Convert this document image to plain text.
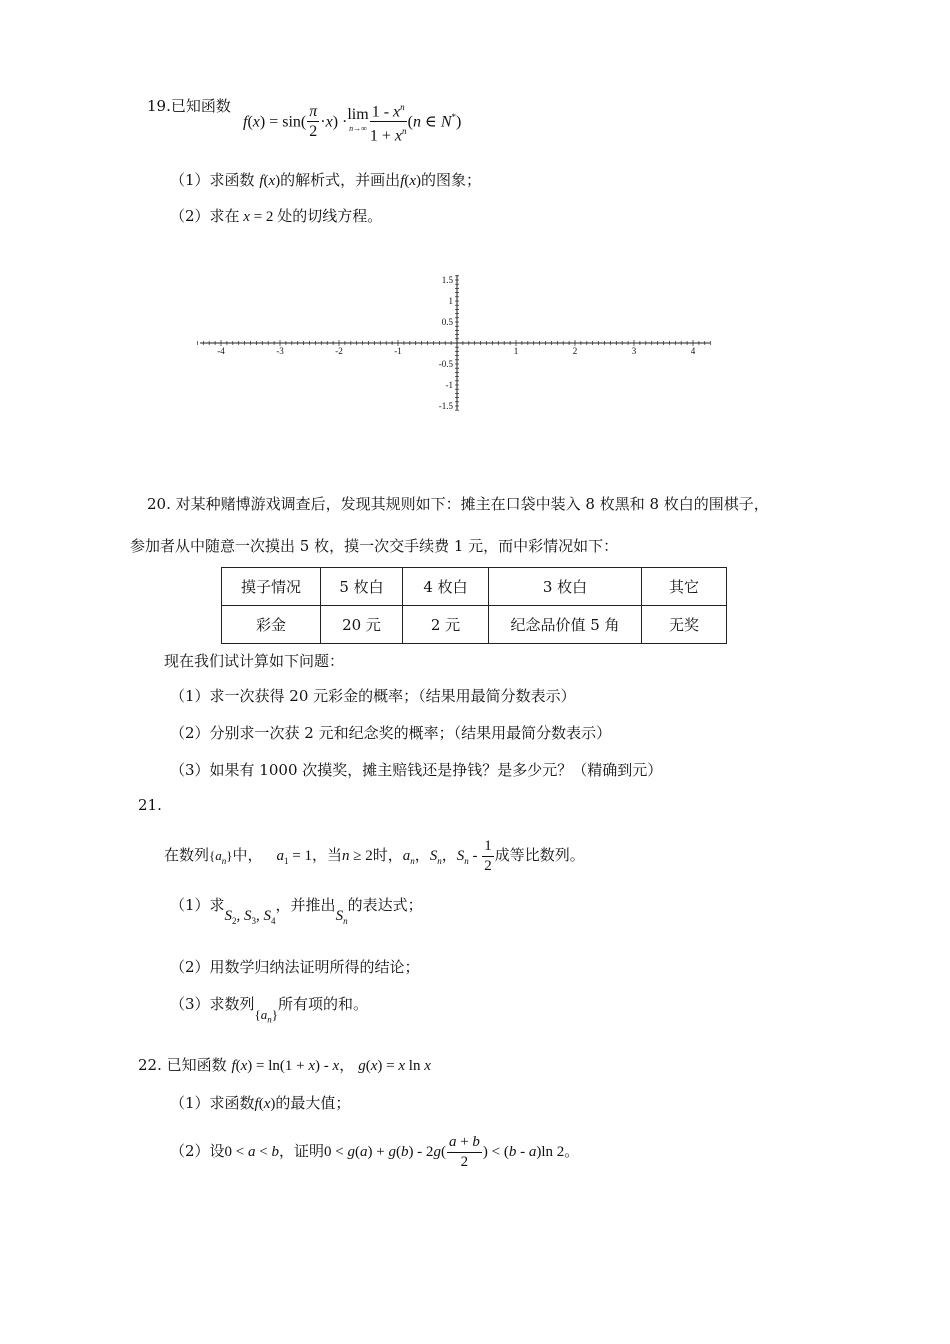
19.已知函数
$f(x) = \sin( \frac{\pi}{2} \cdot x) \cdot \lim$
$n\to\infty \frac{1 - x^n}{1 + x^n} (n$ ∈ N*)
（1）求函数 f(x)的解析式，并画出f(x)的图象；
（2）求在 x = 2 处的切线方程。
-4	-3	-2	-1	1	2	3	4
1.5
1
0.5
-0.5
-1
-1.5
20. 对某种赌博游戏调查后，发现其规则如下：摊主在口袋中装入 8 枚黑和 8 枚白的围棋子，
参加者从中随意一次摸出 5 枚，摸一次交手续费 1 元，而中彩情况如下：
摸子情况	5 枚白	4 枚白	3 枚白	其它
彩金	20 元	2 元	纪念品价值 5 角	无奖
现在我们试计算如下问题：
（1）求一次获得 20 元彩金的概率；（结果用最简分数表示）
（2）分别求一次获 2 元和纪念奖的概率；（结果用最简分数表示）
（3）如果有 1000 次摸奖，摊主赔钱还是挣钱？是多少元？（精确到元）
21.
在数列$\{a_n\}$中， $a_1 = 1$，当n ≥ 2时，$a_n$，$S_n$，$S_n - \frac{1}{2}$ 成等比数列。
（1）求$S_2$, $S_3$, $S_4$，并推出$S_n$的表达式；
（2）用数学归纳法证明所得的结论；
（3）求数列$\{a_n\}$所有项的和。
22. 已知函数 f(x) = ln(1 + x) - x， g(x) = x ln x
（1）求函数f(x)的最大值；
（2）设0 < a < b，证明$0 < g(a) + g(b) - 2g( \frac{a + b}{2}$ ) < (b - a)ln 2。
